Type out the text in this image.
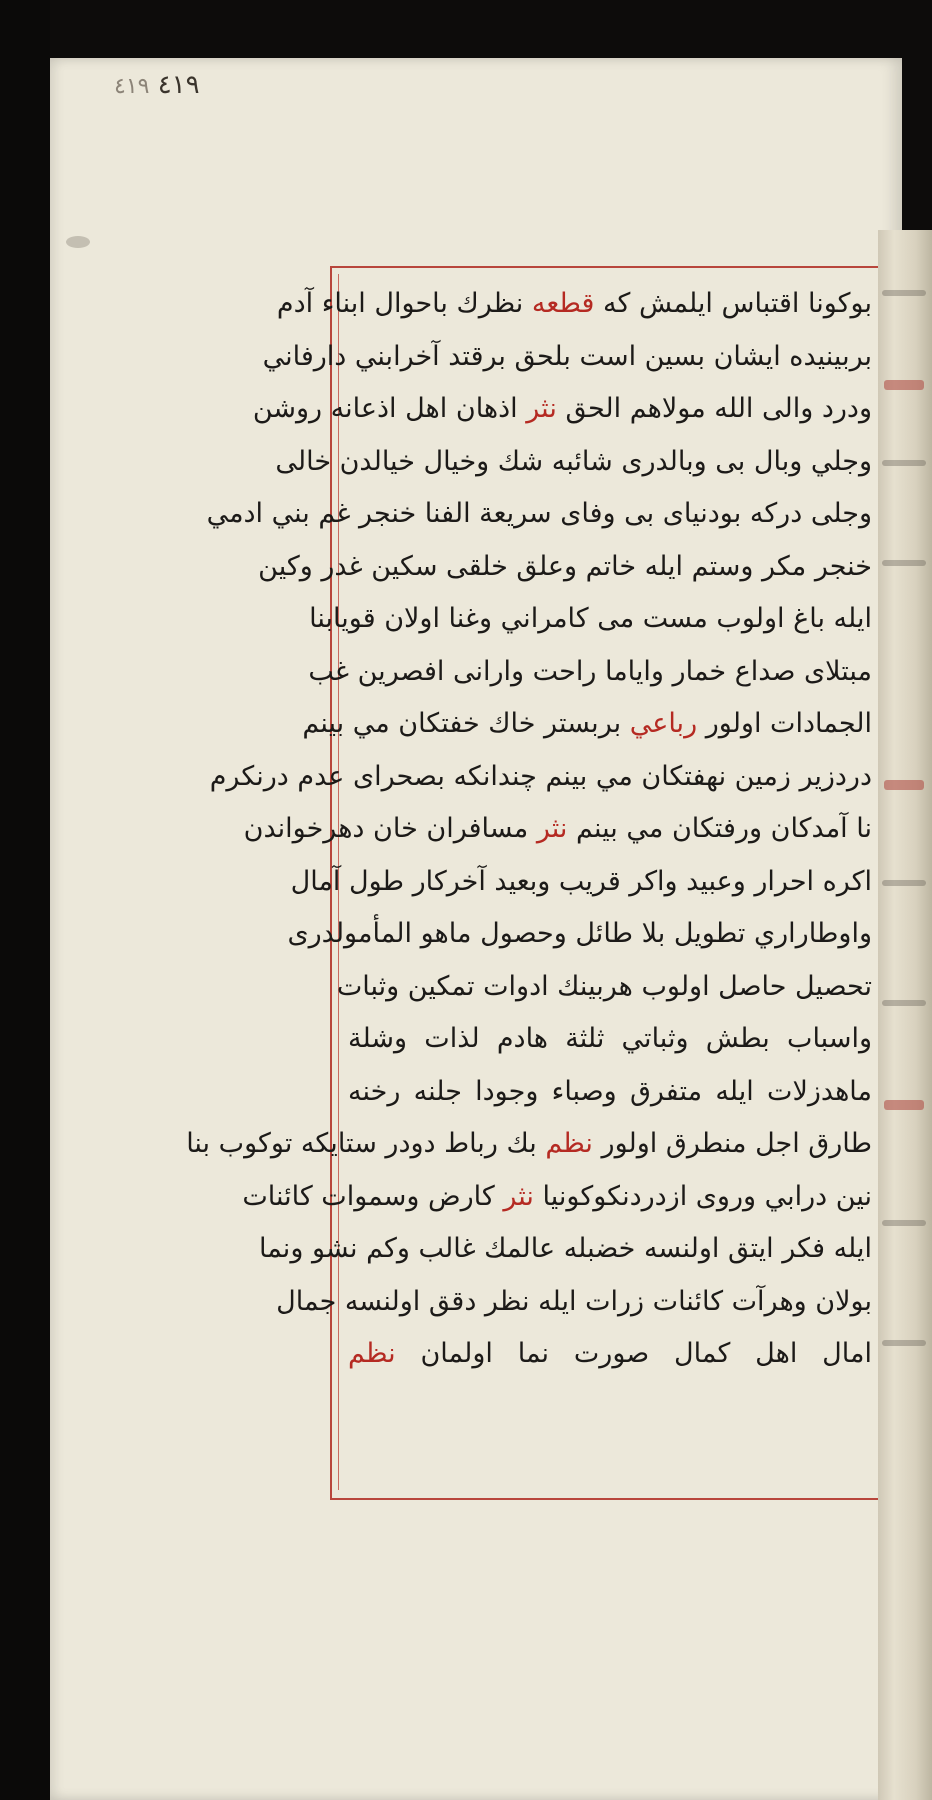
٤١٩ ٤١٩
بوكونا اقتباس ايلمش كه قطعه نظرك باحوال ابناء آدم
بربينيده ايشان بسين است بلحق برقتد آخرابني دارفاني
ودرد والى الله مولاهم الحق نثر اذهان اهل اذعانه روشن
وجلي وبال بى وبالدرى شائبه شك وخيال خيالدن خالى
وجلى دركه بودنياى بى وفاى سريعة الفنا خنجر غم بني ادمي
خنجر مكر وستم ايله خاتم وعلق خلقى سكين غدر وكين
ايله باغ اولوب مست مى كامراني وغنا اولان قويابنا
مبتلاى صداع خمار واياما راحت وارانى افصرين غب
الجمادات اولور رباعي بربستر خاك خفتكان مي بينم
دردزير زمين نهفتكان مي بينم چندانكه بصحراى عدم درنكرم
نا آمدكان ورفتكان مي بينم نثر مسافران خان دهرخواندن
اكره احرار وعبيد واكر قريب وبعيد آخركار طول آمال
واوطاراري تطويل بلا طائل وحصول ماهو المأمولدرى
تحصيل حاصل اولوب هربينك ادوات تمكين وثبات
واسباب بطش وثباتي ثلثة هادم لذات وشلة
ماهدزلات ايله متفرق وصباء وجودا جلنه رخنه
طارق اجل منطرق اولور نظم بك رباط دودر ستايكه توكوب بنا
نين درابي وروى ازدردنكوكونيا نثر كارض وسموات كائنات
ايله فكر ايتق اولنسه خضبله عالمك غالب وكم نشو ونما
بولان وهرآت كائنات زرات ايله نظر دقق اولنسه جمال
امال اهل كمال صورت نما اولمان نظم
